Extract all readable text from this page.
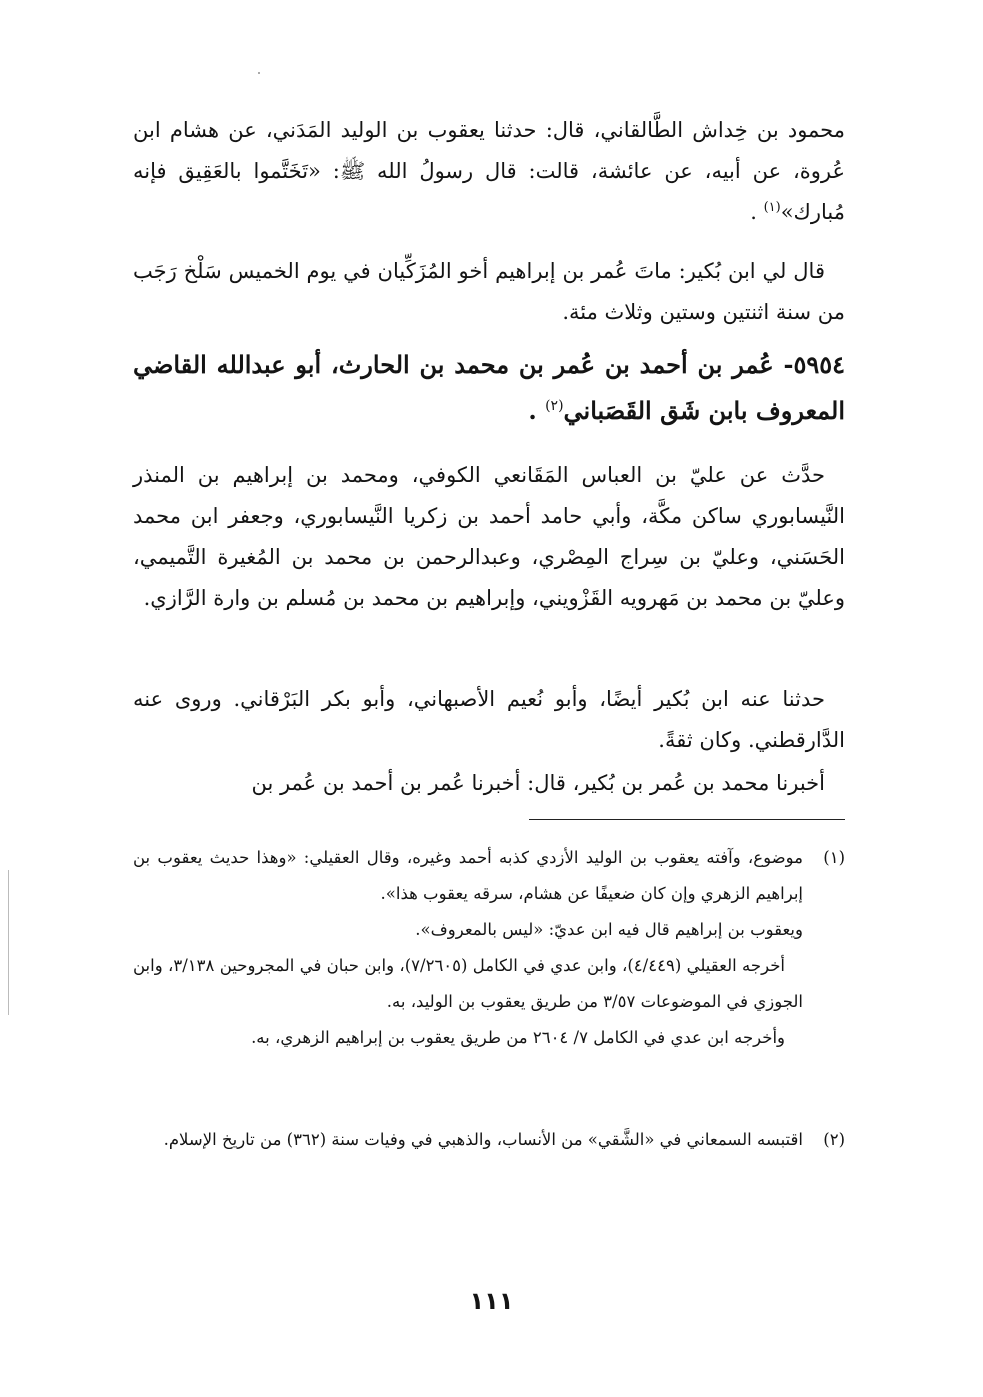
محمود بن خِداش الطَّالقاني، قال: حدثنا يعقوب بن الوليد المَدَني، عن هشام ابن عُروة، عن أبيه، عن عائشة، قالت: قال رسولُ الله ﷺ: «تَخَتَّموا بالعَقِيق فإنه مُبارك»$^{(١)}$ .

قال لي ابن بُكير: ماتَ عُمر بن إبراهيم أخو المُزَكِّيان في يوم الخميس سَلْخ رَجَب من سنة اثنتين وستين وثلاث مئة.

٥٩٥٤- عُمر بن أحمد بن عُمر بن محمد بن الحارث، أبو عبدالله القاضي المعروف بابن شَق القَصَباني$^{(٢)}$ .

حدَّث عن عليّ بن العباس المَقَانعي الكوفي، ومحمد بن إبراهيم بن المنذر النَّيسابوري ساكن مكَّة، وأبي حامد أحمد بن زكريا النَّيسابوري، وجعفر ابن محمد الحَسَني، وعليّ بن سِراج المِصْري، وعبدالرحمن بن محمد بن المُغيرة التَّميمي، وعليّ بن محمد بن مَهرويه القَزْويني، وإبراهيم بن محمد بن مُسلم بن وارة الرَّازي.

حدثنا عنه ابن بُكير أيضًا، وأبو نُعيم الأصبهاني، وأبو بكر البَرْقاني. وروى عنه الدَّارقطني. وكان ثقةً.

أخبرنا محمد بن عُمر بن بُكير، قال: أخبرنا عُمر بن أحمد بن عُمر بن

(١)
موضوع، وآفته يعقوب بن الوليد الأزدي كذبه أحمد وغيره، وقال العقيلي: «وهذا حديث يعقوب بن إبراهيم الزهري وإن كان ضعيفًا عن هشام، سرقه يعقوب هذا».

ويعقوب بن إبراهيم قال فيه ابن عديّ: «ليس بالمعروف».

أخرجه العقيلي (٤/٤٤٩)، وابن عدي في الكامل (٧/٢٦٠٥)، وابن حبان في المجروحين ٣/١٣٨، وابن الجوزي في الموضوعات ٣/٥٧ من طريق يعقوب بن الوليد، به.

وأخرجه ابن عدي في الكامل ٧/ ٢٦٠٤ من طريق يعقوب بن إبراهيم الزهري، به.

(٢)
اقتبسه السمعاني في «الشَّقي» من الأنساب، والذهبي في وفيات سنة (٣٦٢) من تاريخ الإسلام.

١١١
